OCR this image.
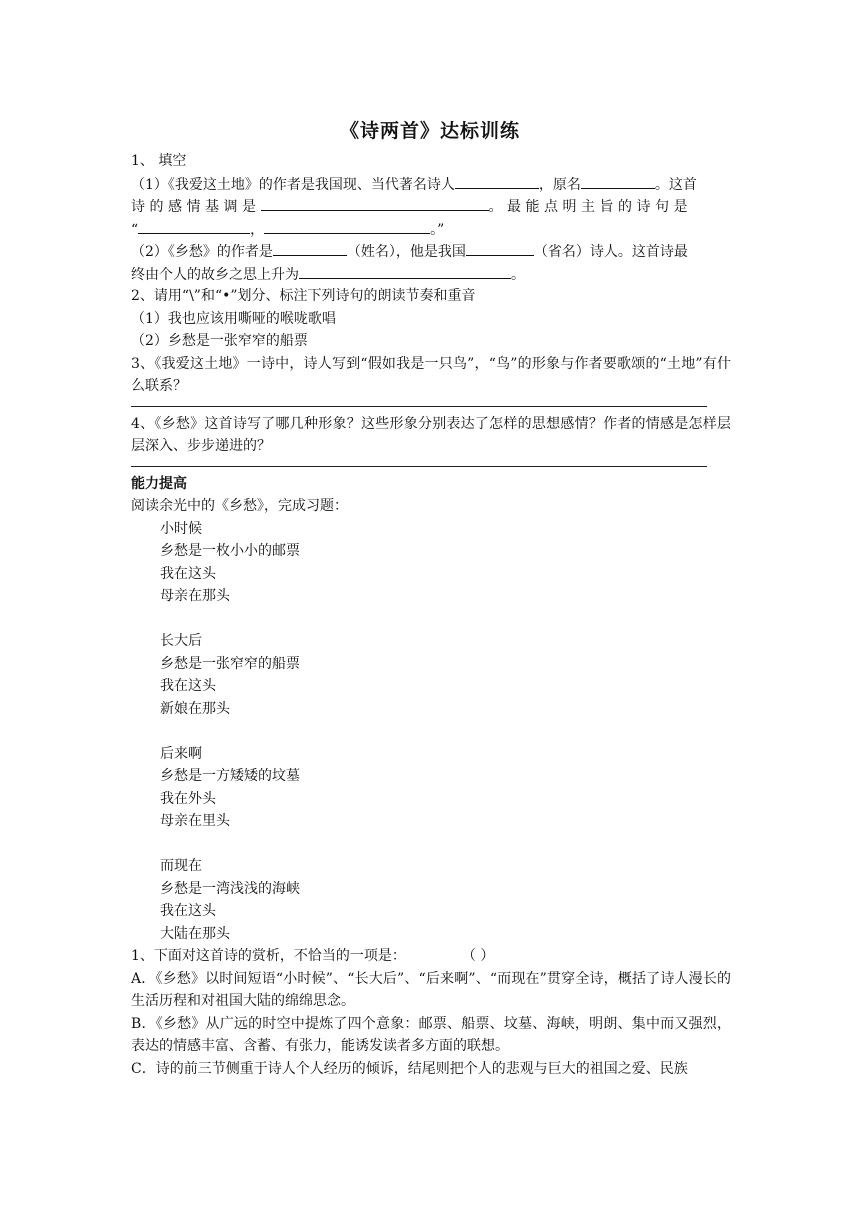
《诗两首》达标训练
1、 填空
（1）《我爱这土地》的作者是我国现、当代著名诗人	，原名	。这首
诗的感情基调是	。最能点明主旨的诗句是
“	，	。”
（2）《乡愁》的作者是	（姓名），他是我国	（省名）诗人。这首诗最
终由个人的故乡之思上升为	。
2、请用“\”和“•”划分、标注下列诗句的朗读节奏和重音
（1）我也应该用嘶哑的喉咙歌唱
（2）乡愁是一张窄窄的船票
3、《我爱这土地》一诗中，诗人写到“假如我是一只鸟”，“鸟”的形象与作者要歌颂的“土地”有什么联系？
4、《乡愁》这首诗写了哪几种形象？这些形象分别表达了怎样的思想感情？作者的情感是怎样层层深入、步步递进的？
能力提高
阅读余光中的《乡愁》，完成习题：
小时候
乡愁是一枚小小的邮票
我在这头
母亲在那头
长大后
乡愁是一张窄窄的船票
我在这头
新娘在那头
后来啊
乡愁是一方矮矮的坟墓
我在外头
母亲在里头
而现在
乡愁是一湾浅浅的海峡
我在这头
大陆在那头
1、下面对这首诗的赏析，不恰当的一项是：	（ ）
A．《乡愁》以时间短语“小时候”、“长大后”、“后来啊”、“而现在”贯穿全诗，概括了诗人漫长的生活历程和对祖国大陆的绵绵思念。
B．《乡愁》从广远的时空中提炼了四个意象：邮票、船票、坟墓、海峡，明朗、集中而又强烈，表达的情感丰富、含蓄、有张力，能诱发读者多方面的联想。
C．诗的前三节侧重于诗人个人经历的倾诉，结尾则把个人的悲观与巨大的祖国之爱、民族
